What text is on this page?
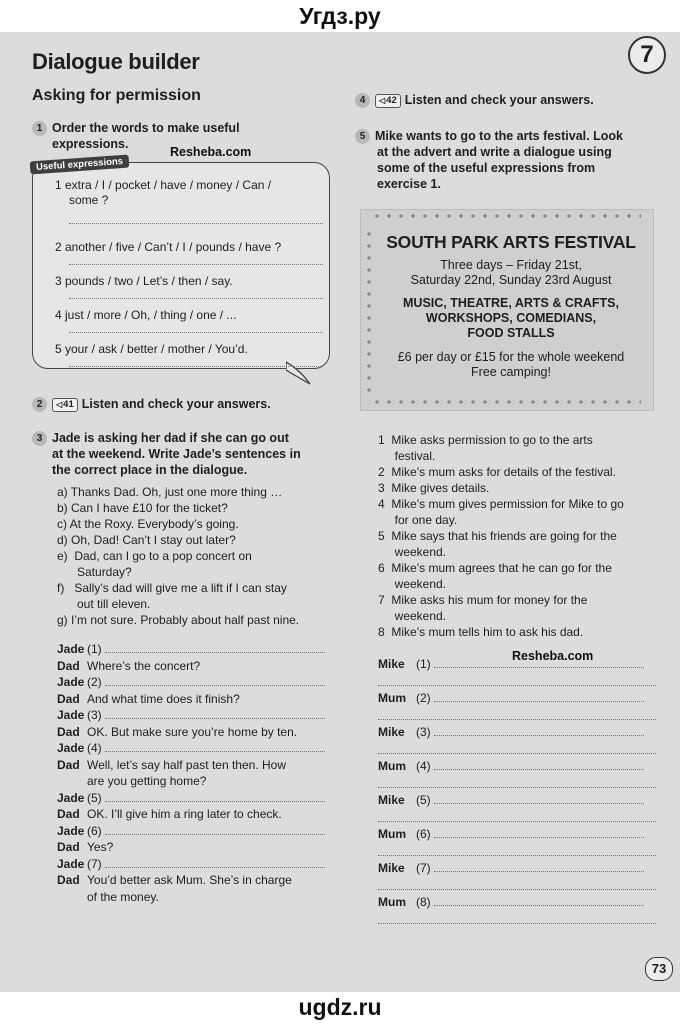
Угдз.ру
Dialogue builder	7
Asking for permission
1 Order the words to make useful
expressions.
Resheba.com
Useful expressions
1 extra / I / pocket / have / money / Can /
some ?
2 another / five / Can’t / I / pounds / have ?
3 pounds / two / Let’s / then / say.
4 just / more / Oh, / thing / one / ...
5 your / ask / better / mother / You’d.
2 ◁ 41 Listen and check your answers.
3 Jade is asking her dad if she can go out
at the weekend. Write Jade’s sentences in
the correct place in the dialogue.
a) Thanks Dad. Oh, just one more thing …
b) Can I have £10 for the ticket?
c) At the Roxy. Everybody’s going.
d) Oh, Dad! Can’t I stay out later?
e)  Dad, can I go to a pop concert on
Saturday?
f)   Sally’s dad will give me a lift if I can stay
out till eleven.
g) I’m not sure. Probably about half past nine.
Jade (1)
Dad Where’s the concert?
Jade (2)
Dad And what time does it finish?
Jade (3)
Dad OK. But make sure you’re home by ten.
Jade (4)
Dad Well, let’s say half past ten then. How
are you getting home?
Jade (5)
Dad OK. I’ll give him a ring later to check.
Jade (6)
Dad Yes?
Jade (7)
Dad You’d better ask Mum. She’s in charge
of the money.
4 ◁ 42 Listen and check your answers.
5 Mike wants to go to the arts festival. Look
at the advert and write a dialogue using
some of the useful expressions from
exercise 1.
SOUTH PARK ARTS FESTIVAL
Three days – Friday 21st,
Saturday 22nd, Sunday 23rd August
MUSIC, THEATRE, ARTS & CRAFTS,
WORKSHOPS, COMEDIANS,
FOOD STALLS
£6 per day or £15 for the whole weekend
Free camping!
1  Mike asks permission to go to the arts
festival.
2  Mike’s mum asks for details of the festival.
3  Mike gives details.
4  Mike’s mum gives permission for Mike to go
for one day.
5  Mike says that his friends are going for the
weekend.
6  Mike’s mum agrees that he can go for the
weekend.
7  Mike asks his mum for money for the
weekend.
8  Mike’s mum tells him to ask his dad.
Resheba.com
Mike (1)
Mum (2)
Mike (3)
Mum (4)
Mike (5)
Mum (6)
Mike (7)
Mum (8)
73
ugdz.ru
